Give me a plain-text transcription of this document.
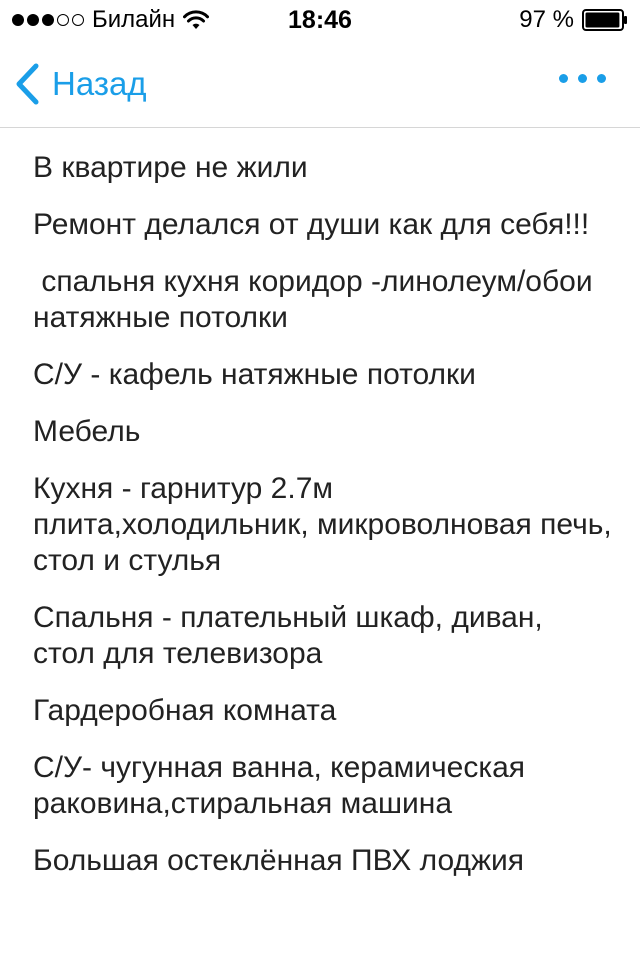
Билайн	18:46	97 %
Назад

В квартире не жили

Ремонт делался от души как для себя!!!

спальня кухня коридор -линолеум/обои натяжные потолки

С/У - кафель натяжные потолки

Мебель

Кухня - гарнитур 2.7м плита,холодильник, микроволновая печь, стол и стулья

Спальня - плательный шкаф, диван, стол для телевизора

Гардеробная комната

С/У- чугунная ванна, керамическая раковина,стиральная машина

Большая остеклённая ПВХ лоджия
